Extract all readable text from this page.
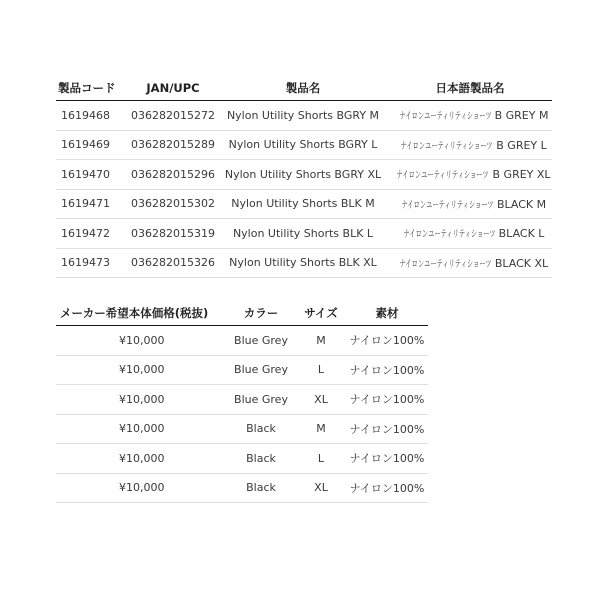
製品コード	JAN/UPC	製品名	日本語製品名
1619468	036282015272	Nylon Utility Shorts BGRY M	ナイロンユーティリティショーツ B GREY M
1619469	036282015289	Nylon Utility Shorts BGRY L	ナイロンユーティリティショーツ B GREY L
1619470	036282015296	Nylon Utility Shorts BGRY XL	ナイロンユーティリティショーツ B GREY XL
1619471	036282015302	Nylon Utility Shorts BLK M	ナイロンユーティリティショーツ BLACK M
1619472	036282015319	Nylon Utility Shorts BLK L	ナイロンユーティリティショーツ BLACK L
1619473	036282015326	Nylon Utility Shorts BLK XL	ナイロンユーティリティショーツ BLACK XL
メーカー希望本体価格(税抜)	カラー	サイズ	素材
¥10,000	Blue Grey	M	ナイロン100%
¥10,000	Blue Grey	L	ナイロン100%
¥10,000	Blue Grey	XL	ナイロン100%
¥10,000	Black	M	ナイロン100%
¥10,000	Black	L	ナイロン100%
¥10,000	Black	XL	ナイロン100%
